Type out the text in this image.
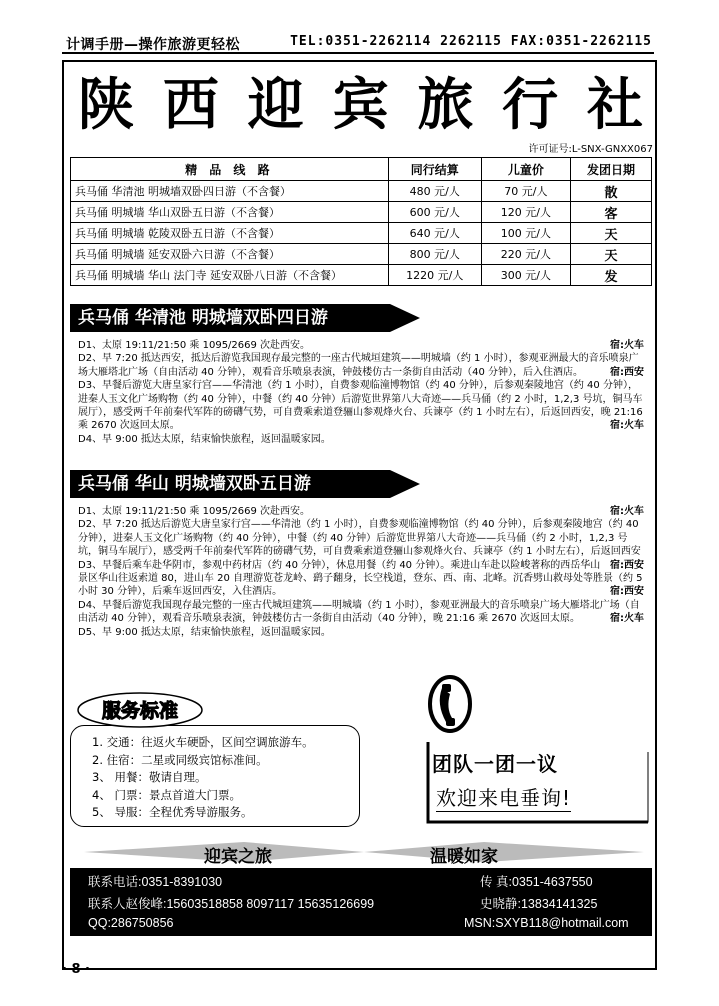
计调手册—操作旅游更轻松	TEL:0351-2262114 2262115 FAX:0351-2262115
陕 西 迎 宾 旅 行 社
许可证号:L-SNX-GNXX067
精 品 线 路	同行结算	儿童价	发团日期
兵马俑 华清池 明城墙双卧四日游（不含餐）	480 元/人	70 元/人	散
兵马俑 明城墙 华山双卧五日游（不含餐）	600 元/人	120 元/人	客
兵马俑 明城墙 乾陵双卧五日游（不含餐）	640 元/人	100 元/人	天
兵马俑 明城墙 延安双卧六日游（不含餐）	800 元/人	220 元/人	天
兵马俑 明城墙 华山 法门寺 延安双卧八日游（不含餐）	1220 元/人	300 元/人	发
兵马俑 华清池 明城墙双卧四日游
宿:火车
D1、太原 19:11/21:50 乘 1095/2669 次赴西安。
D2、早 7:20 抵达西安，抵达后游览我国现存最完整的一座古代城垣建筑——明城墙（约 1 小时），参观亚洲最大的音乐喷泉广场大雁塔北广场（自由活动 40 分钟），观看音乐喷泉表演，钟鼓楼仿古一条街自由活动（40 分钟），后入住酒店。	宿:西安
D3、早餐后游览大唐皇家行宫——华清池（约 1 小时），自费参观临潼博物馆（约 40 分钟），后参观秦陵地宫（约 40 分钟），进秦人玉文化广场购物（约 40 分钟），中餐（约 40 分钟）后游览世界第八大奇迹——兵马俑（约 2 小时，1,2,3 号坑，铜马车展厅），感受两千年前秦代军阵的磅礴气势，可自费乘索道登骊山参观烽火台、兵谏亭（约 1 小时左右），后返回西安，晚 21:16 乘 2670 次返回太原。	宿:火车
D4、早 9:00 抵达太原，结束愉快旅程，返回温暖家园。
兵马俑 华山 明城墙双卧五日游
宿:火车
D1、太原 19:11/21:50 乘 1095/2669 次赴西安。
D2、早 7:20 抵达后游览大唐皇家行宫——华清池（约 1 小时），自费参观临潼博物馆（约 40 分钟），后参观秦陵地宫（约 40 分钟），进秦人玉文化广场购物（约 40 分钟），中餐（约 40 分钟）后游览世界第八大奇迹——兵马俑（约 2 小时，1,2,3 号坑，铜马车展厅），感受两千年前秦代军阵的磅礴气势，可自费乘索道登骊山参观烽火台、兵谏亭（约 1 小时左右），后返回西安
宿:西安
D3、早餐后乘车赴华阴市，参观中药材店（约 40 分钟），休息用餐（约 40 分钟）。乘进山车赴以险峻著称的西岳华山景区华山往返索道 80，进山车 20 自理游览苍龙岭、鹞子翻身，长空栈道，登东、西、南、北峰。沉香劈山救母处等胜景（约 5 小时 30 分钟），后乘车返回西安，入住酒店。	宿:西安
D4、早餐后游览我国现存最完整的一座古代城垣建筑——明城墙（约 1 小时），参观亚洲最大的音乐喷泉广场大雁塔北广场（自由活动 40 分钟），观看音乐喷泉表演，钟鼓楼仿古一条街自由活动（40 分钟），晚 21:16 乘 2670 次返回太原。	宿:火车
D5、早 9:00 抵达太原，结束愉快旅程，返回温暖家园。
服务标准
1. 交通：往返火车硬卧，区间空调旅游车。
2. 住宿：二星或同级宾馆标准间。
3、 用餐：敬请自理。
4、 门票：景点首道大门票。
5、 导服：全程优秀导游服务。
团队一团一议
欢迎来电垂询!
迎宾之旅	温暖如家
联系电话:0351-8391030	传 真:0351-4637550
联系人赵俊峰:15603518858 8097117 15635126699	史晓静:13834141325
QQ:286750856	MSN:SXYB118@hotmail.com
· 8 ·
